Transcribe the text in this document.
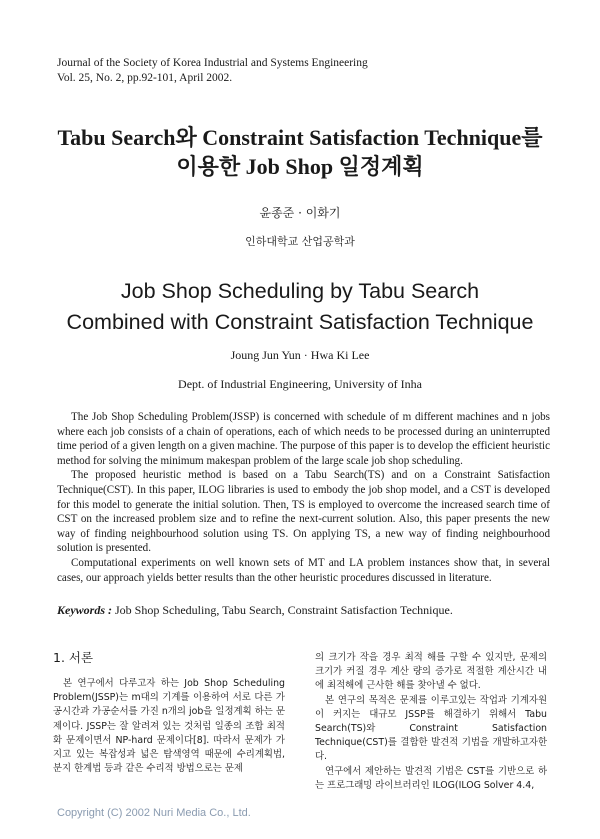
Journal of the Society of Korea Industrial and Systems Engineering
Vol. 25, No. 2, pp.92-101, April 2002.
Tabu Search와 Constraint Satisfaction Technique를
이용한 Job Shop 일정계획
윤종준 · 이화기
인하대학교 산업공학과
Job Shop Scheduling by Tabu Search
Combined with Constraint Satisfaction Technique
Joung Jun Yun · Hwa Ki Lee
Dept. of Industrial Engineering, University of Inha

The Job Shop Scheduling Problem(JSSP) is concerned with schedule of m different machines and n jobs where each job consists of a chain of operations, each of which needs to be processed during an uninterrupted time period of a given length on a given machine. The purpose of this paper is to develop the efficient heuristic method for solving the minimum makespan problem of the large scale job shop scheduling.

The proposed heuristic method is based on a Tabu Search(TS) and on a Constraint Satisfaction Technique(CST). In this paper, ILOG libraries is used to embody the job shop model, and a CST is developed for this model to generate the initial solution. Then, TS is employed to overcome the increased search time of CST on the increased problem size and to refine the next-current solution. Also, this paper presents the new way of finding neighbourhood solution using TS. On applying TS, a new way of finding neighbourhood solution is presented.

Computational experiments on well known sets of MT and LA problem instances show that, in several cases, our approach yields better results than the other heuristic procedures discussed in literature.

Keywords : Job Shop Scheduling, Tabu Search, Constraint Satisfaction Technique.
1. 서론

본 연구에서 다루고자 하는 Job Shop Scheduling Problem(JSSP)는 m대의 기계를 이용하여 서로 다른 가공시간과 가공순서를 가진 n개의 job을 일정계획 하는 문제이다. JSSP는 잘 알려져 있는 것처럼 일종의 조합 최적화 문제이면서 NP-hard 문제이다[8]. 따라서 문제가 가지고 있는 복잡성과 넓은 탐색영역 때문에 수리계획법, 분지 한계법 등과 같은 수리적 방법으로는 문제

의 크기가 작을 경우 최적 해를 구할 수 있지만, 문제의 크기가 커질 경우 계산 량의 증가로 적절한 계산시간 내에 최적해에 근사한 해를 찾아낼 수 없다.

본 연구의 목적은 문제를 이루고있는 작업과 기계자원이 커지는 대규모 JSSP를 해결하기 위해서 Tabu Search(TS)와 Constraint Satisfaction Technique(CST)를 결합한 발견적 기법을 개발하고자한다.

연구에서 제안하는 발견적 기법은 CST를 기반으로 하는 프로그래밍 라이브러리인 ILOG(ILOG Solver 4.4,

Copyright (C) 2002 Nuri Media Co., Ltd.
